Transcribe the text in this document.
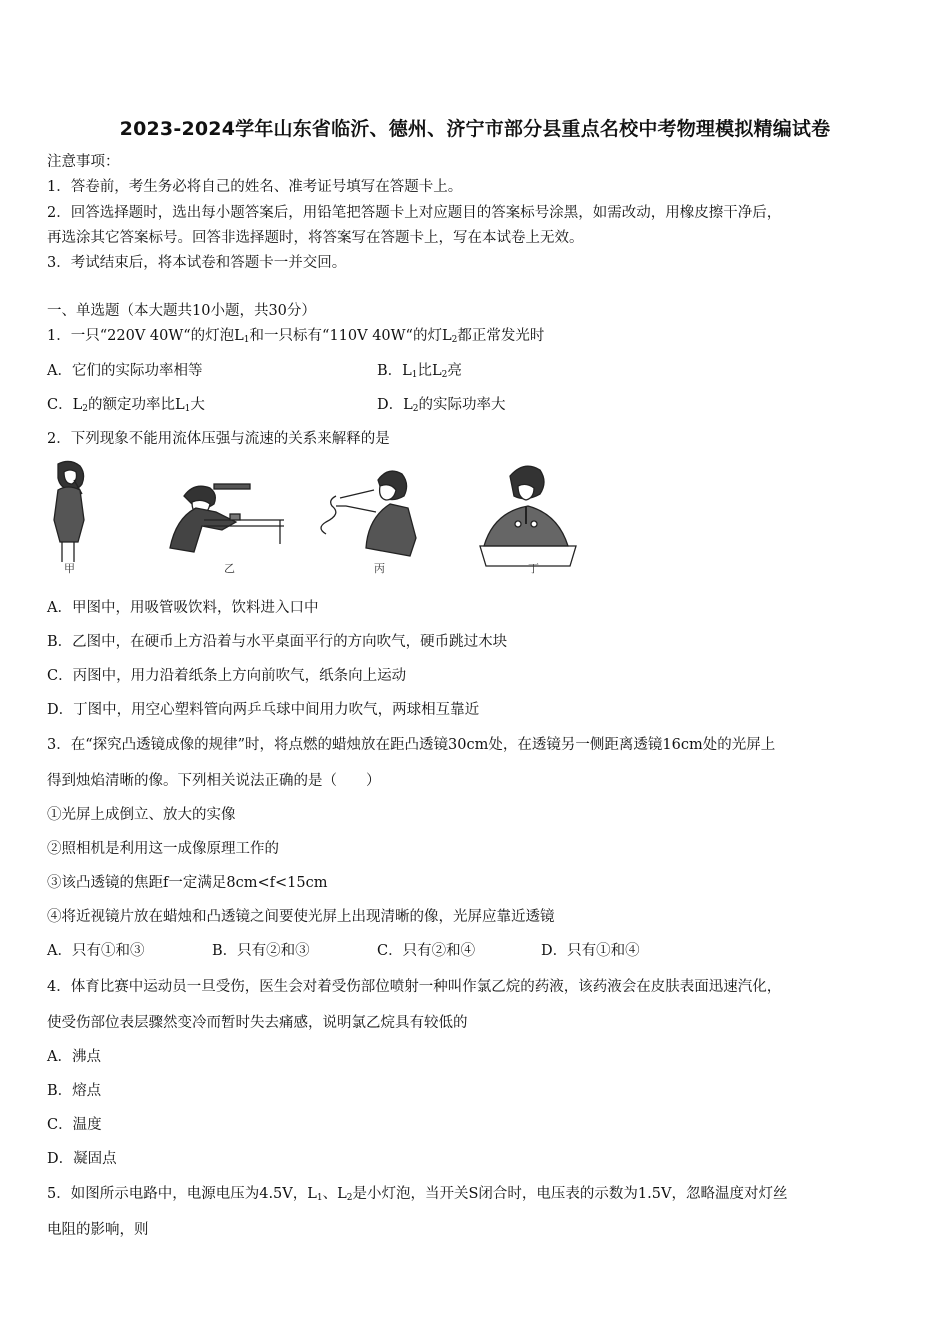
2023-2024学年山东省临沂、德州、济宁市部分县重点名校中考物理模拟精编试卷
注意事项：
1．答卷前，考生务必将自己的姓名、准考证号填写在答题卡上。
2．回答选择题时，选出每小题答案后，用铅笔把答题卡上对应题目的答案标号涂黑，如需改动，用橡皮擦干净后，
再选涂其它答案标号。回答非选择题时，将答案写在答题卡上，写在本试卷上无效。
3．考试结束后，将本试卷和答题卡一并交回。
一、单选题（本大题共10小题，共30分）
1．一只“220V 40W“的灯泡$L_1$和一只标有“110V 40W“的灯$L_2$都正常发光时
A．它们的实际功率相等	B．$L_1$比$L_2$亮
C．$L_2$的额定功率比$L_1$大	D．$L_2$的实际功率大
2．下列现象不能用流体压强与流速的关系来解释的是
甲	乙	丙	丁
A．甲图中，用吸管吸饮料，饮料进入口中
B．乙图中，在硬币上方沿着与水平桌面平行的方向吹气，硬币跳过木块
C．丙图中，用力沿着纸条上方向前吹气，纸条向上运动
D．丁图中，用空心塑料管向两乒乓球中间用力吹气，两球相互靠近
3．在“探究凸透镜成像的规律”时，将点燃的蜡烛放在距凸透镜30cm处，在透镜另一侧距离透镜16cm处的光屏上
得到烛焰清晰的像。下列相关说法正确的是（　　）
①光屏上成倒立、放大的实像
②照相机是利用这一成像原理工作的
③该凸透镜的焦距f一定满足8cm<f<15cm
④将近视镜片放在蜡烛和凸透镜之间要使光屏上出现清晰的像，光屏应靠近透镜
A．只有①和③	B．只有②和③	C．只有②和④	D．只有①和④
4．体育比赛中运动员一旦受伤，医生会对着受伤部位喷射一种叫作氯乙烷的药液，该药液会在皮肤表面迅速汽化，
使受伤部位表层骤然变冷而暂时失去痛感，说明氯乙烷具有较低的
A．沸点
B．熔点
C．温度
D．凝固点
5．如图所示电路中，电源电压为4.5V，$L_1$、$L_2$是小灯泡，当开关S闭合时，电压表的示数为1.5V，忽略温度对灯丝
电阻的影响，则
